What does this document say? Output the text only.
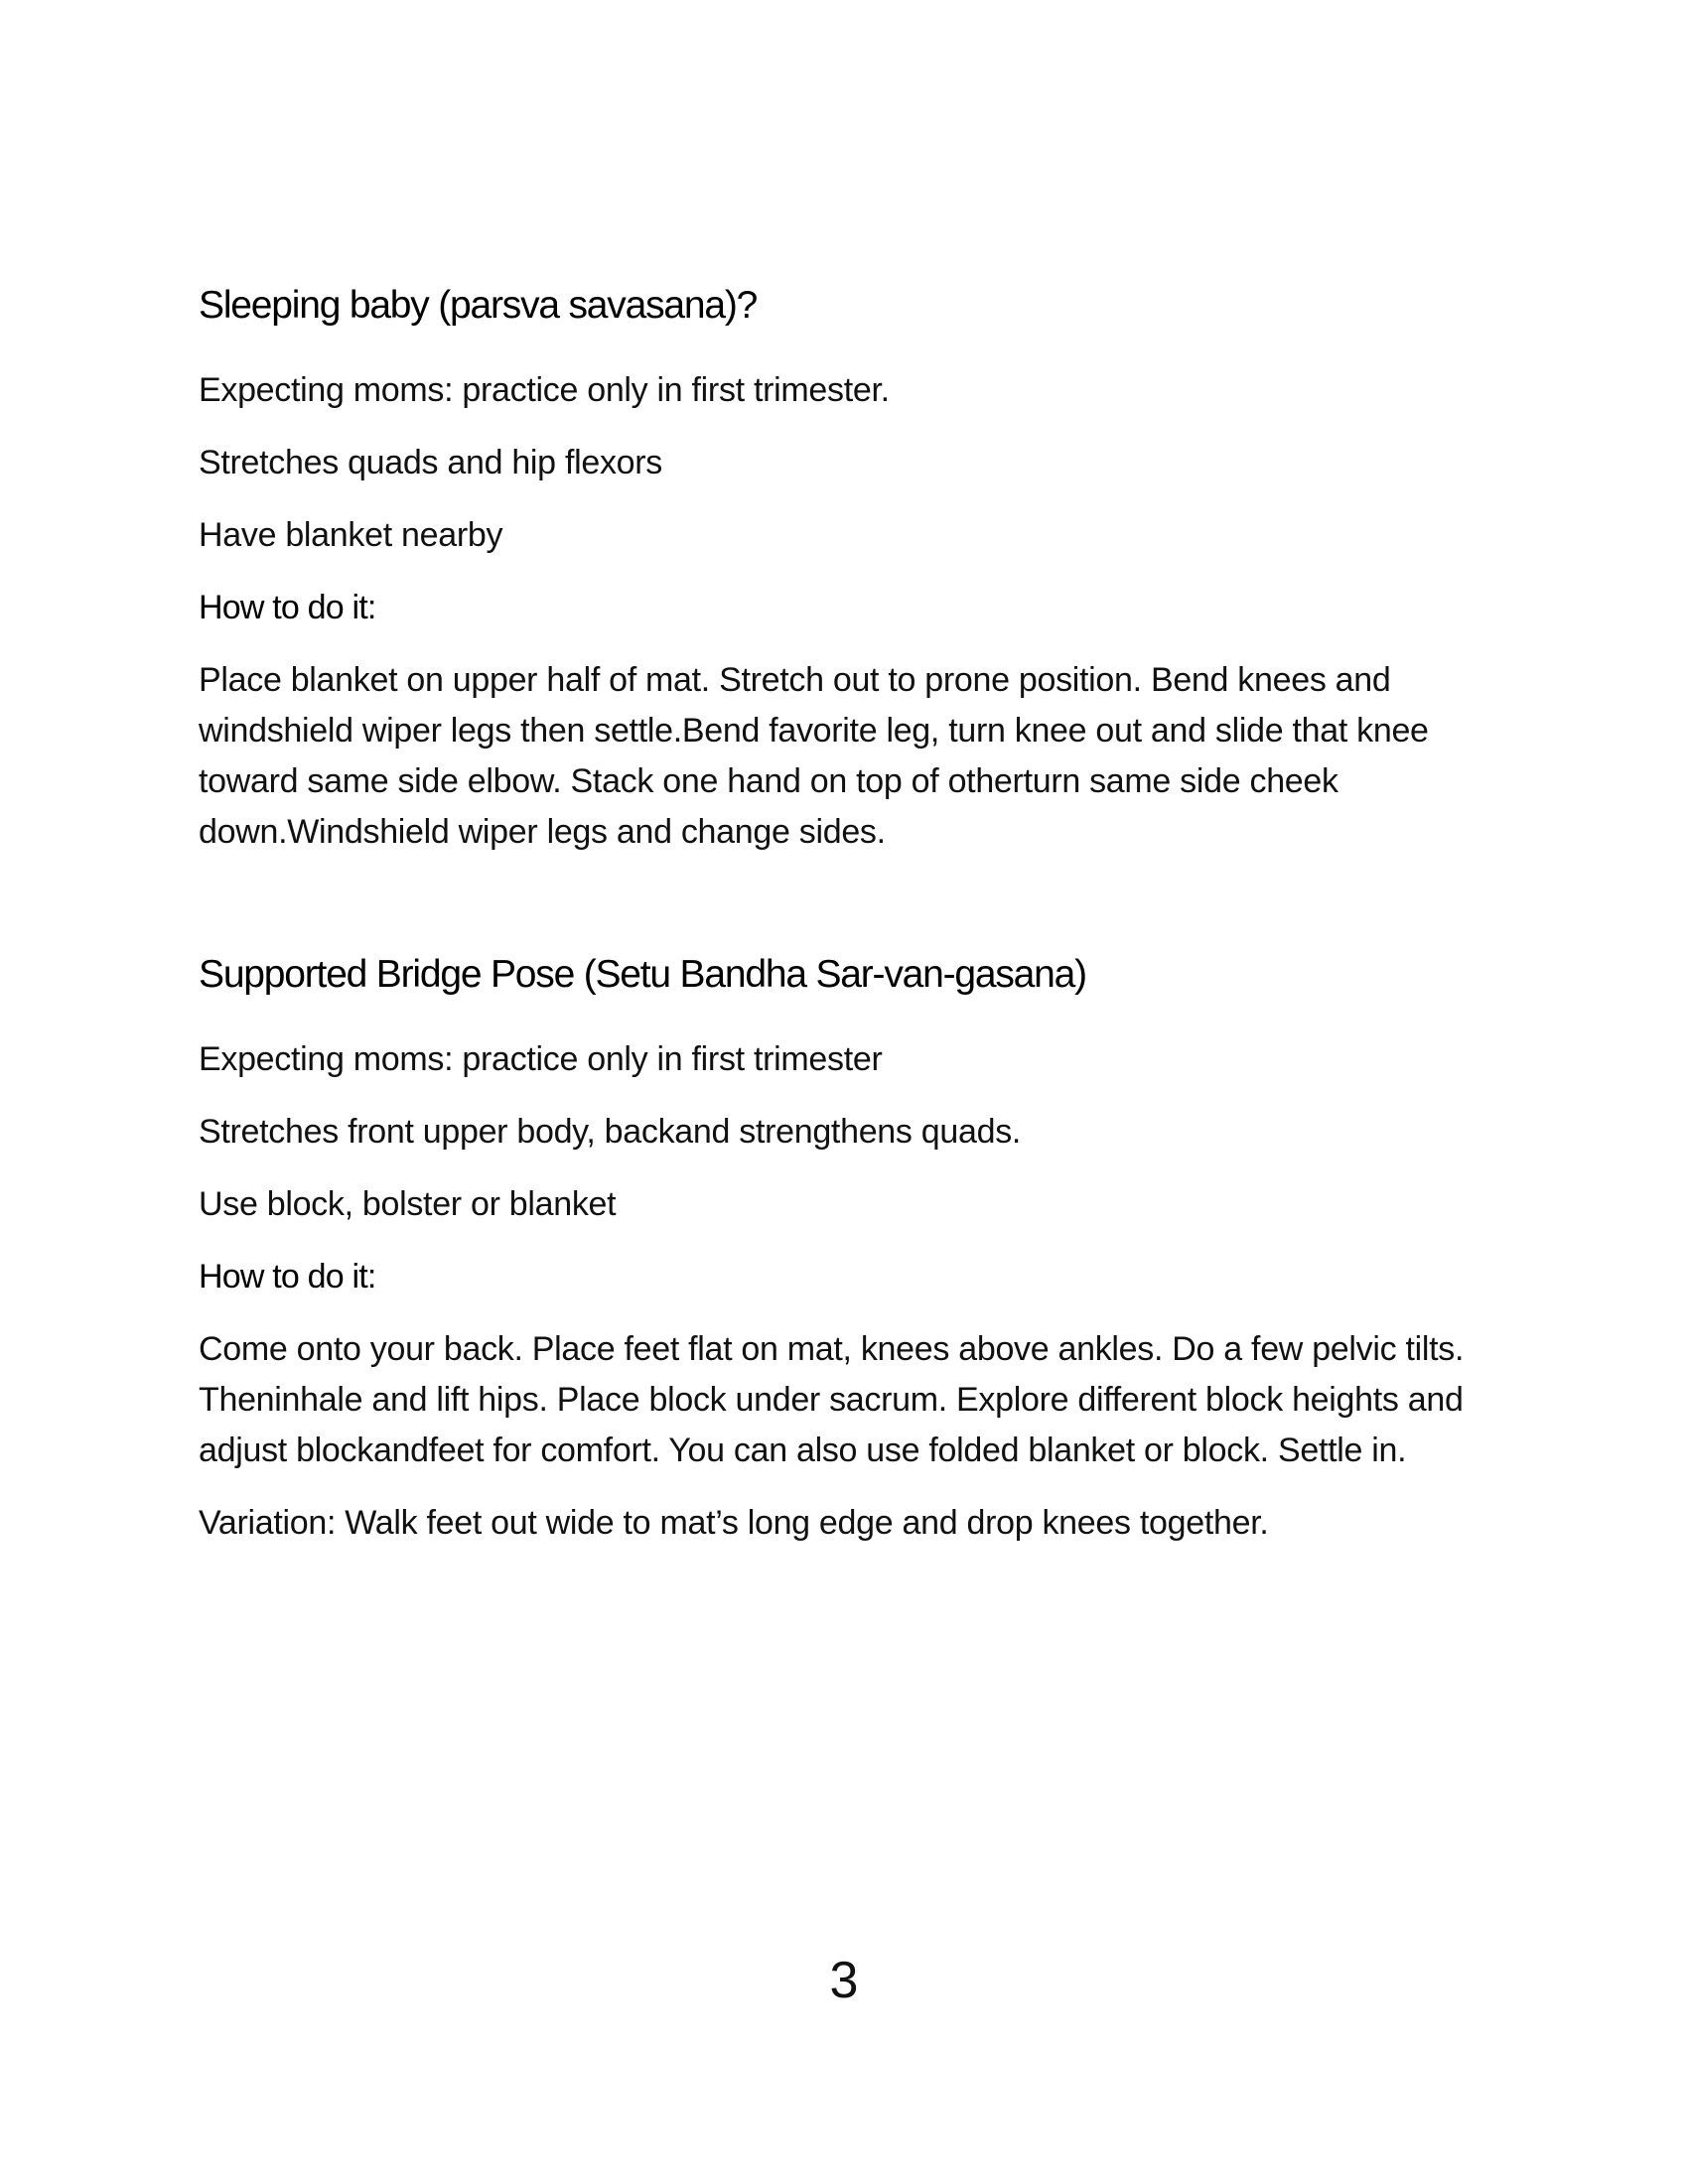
Sleeping baby (parsva savasana)?

Expecting moms: practice only in first trimester.

Stretches quads and hip flexors

Have blanket nearby

How to do it:

Place blanket on upper half of mat. Stretch out to prone position. Bend knees and windshield wiper legs then settle.Bend favorite leg, turn knee out and slide that knee toward same side elbow. Stack one hand on top of otherturn same side cheek down.Windshield wiper legs and change sides.

Supported Bridge Pose (Setu Bandha Sar-van-gasana)

Expecting moms: practice only in first trimester

Stretches front upper body, backand strengthens quads.

Use block, bolster or blanket

How to do it:

Come onto your back. Place feet flat on mat, knees above ankles. Do a few pelvic tilts. Theninhale and lift hips. Place block under sacrum. Explore different block heights and adjust blockandfeet for comfort. You can also use folded blanket or block. Settle in.

Variation: Walk feet out wide to mat’s long edge and drop knees together.

3
